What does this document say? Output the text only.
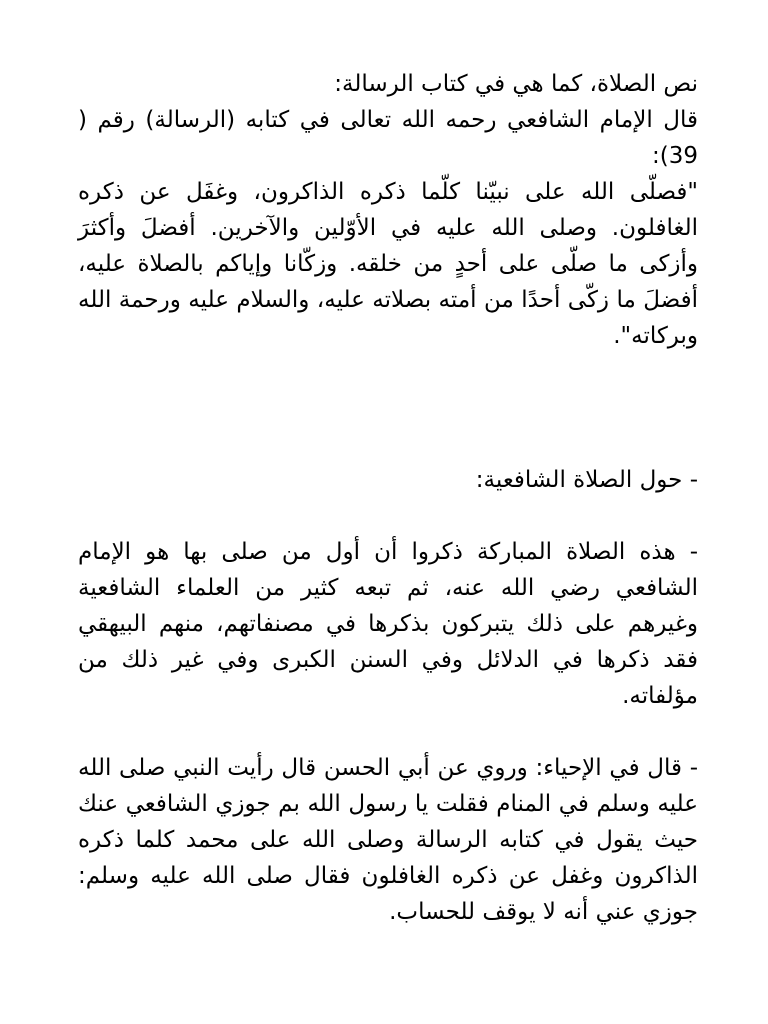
نص الصلاة، كما هي في كتاب الرسالة:

قال الإمام الشافعي رحمه الله تعالى في كتابه (الرسالة) رقم ( 39):

"فصلّى الله على نبيّنا كلّما ذكره الذاكرون، وغفَل عن ذكره الغافلون. وصلى الله عليه في الأوّلين والآخرين. أفضلَ وأكثرَ وأزكى ما صلّى على أحدٍ من خلقه. وزكّانا وإياكم بالصلاة عليه، أفضلَ ما زكّى أحدًا من أمته بصلاته عليه، والسلام عليه ورحمة الله وبركاته".

- حول الصلاة الشافعية:

- هذه الصلاة المباركة ذكروا أن أول من صلى بها هو الإمام الشافعي رضي الله عنه، ثم تبعه كثير من العلماء الشافعية وغيرهم على ذلك يتبركون بذكرها في مصنفاتهم، منهم البيهقي فقد ذكرها في الدلائل وفي السنن الكبرى وفي غير ذلك من مؤلفاته.

- قال في الإحياء: وروي عن أبي الحسن قال رأيت النبي صلى الله عليه وسلم في المنام فقلت يا رسول الله بم جوزي الشافعي عنك حيث يقول في كتابه الرسالة وصلى الله على محمد كلما ذكره الذاكرون وغفل عن ذكره الغافلون فقال صلى الله عليه وسلم: جوزي عني أنه لا يوقف للحساب.
